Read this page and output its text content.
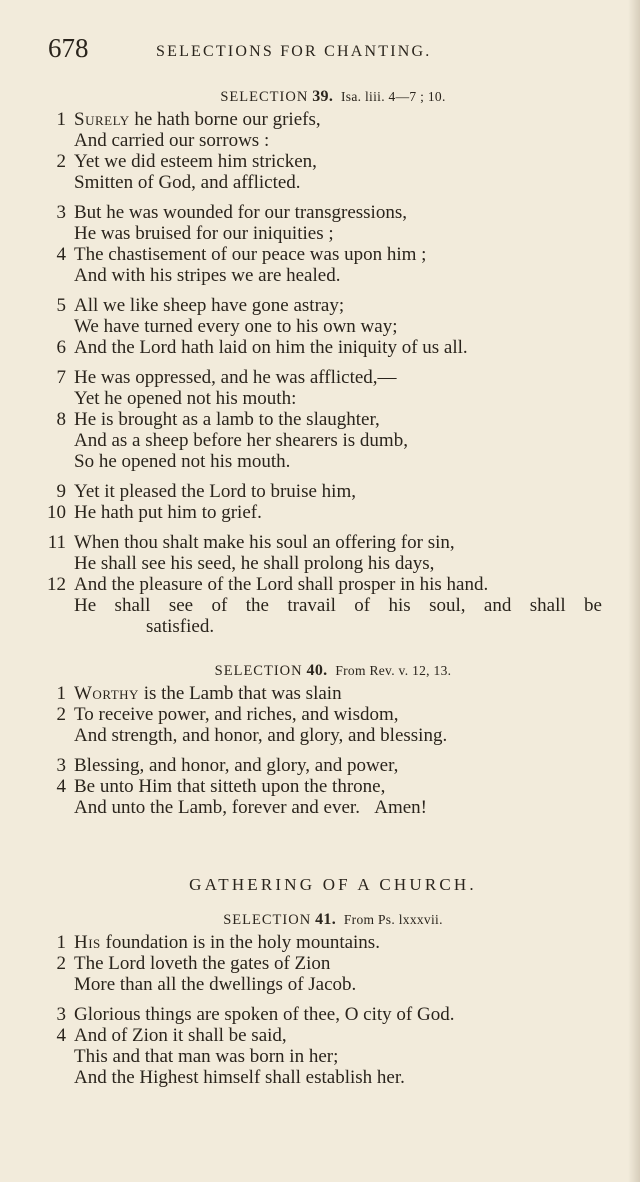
678	SELECTIONS FOR CHANTING.
SELECTION 39. Isa. liii. 4—7 ; 10.
1 Surely he hath borne our griefs,
And carried our sorrows :
2 Yet we did esteem him stricken,
Smitten of God, and afflicted.
3 But he was wounded for our transgressions,
He was bruised for our iniquities ;
4 The chastisement of our peace was upon him ;
And with his stripes we are healed.
5 All we like sheep have gone astray;
We have turned every one to his own way;
6 And the Lord hath laid on him the iniquity of us all.
7 He was oppressed, and he was afflicted,—
Yet he opened not his mouth:
8 He is brought as a lamb to the slaughter,
And as a sheep before her shearers is dumb,
So he opened not his mouth.
9 Yet it pleased the Lord to bruise him,
10 He hath put him to grief.
11 When thou shalt make his soul an offering for sin,
He shall see his seed, he shall prolong his days,
12 And the pleasure of the Lord shall prosper in his hand.
He shall see of the travail of his soul, and shall be
satisfied.
SELECTION 40. From Rev. v. 12, 13.
1 Worthy is the Lamb that was slain
2 To receive power, and riches, and wisdom,
And strength, and honor, and glory, and blessing.
3 Blessing, and honor, and glory, and power,
4 Be unto Him that sitteth upon the throne,
And unto the Lamb, forever and ever. Amen!
GATHERING OF A CHURCH.
SELECTION 41. From Ps. lxxxvii.
1 His foundation is in the holy mountains.
2 The Lord loveth the gates of Zion
More than all the dwellings of Jacob.
3 Glorious things are spoken of thee, O city of God.
4 And of Zion it shall be said,
This and that man was born in her;
And the Highest himself shall establish her.
